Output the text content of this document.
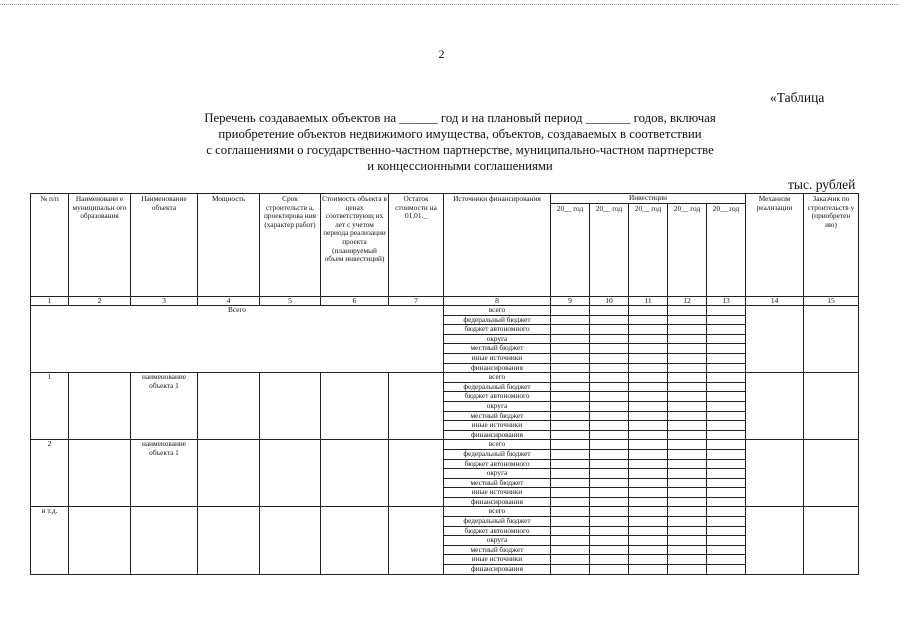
2
«Таблица
Перечень создаваемых объектов на ______ год и на плановый период _______ годов, включая
приобретение объектов недвижимого имущества, объектов, создаваемых в соответствии
с соглашениями о государственно-частном партнерстве, муниципально-частном партнерстве
и концессионными соглашениями
тыс. рублей
№ п/п	Наименовани е муниципальн ого образования	Наименование объекта	Мощность	Срок строительств а, проектирова ния (характер работ)	Стоимость объекта в ценах соответствующ их лет с учетом периода реализации проекта (планируемый объем инвестиций)	Остаток стоимости на 01.01._	Источники финансирования	Инвестиции					Механизм реализации	Заказчик по строительств у (приобретен ию)
								20__ год	20__ год	20__ год	20__ год	20__ год		
1	2	3	4	5	6	7	8	9	10	11	12	13	14	15
Всего							всего							
							федеральный бюджет							
							бюджет автономного							
							округа							
							местный бюджет							
							иные источники							
							финансирования							
1		наименование объекта 1					всего							
							федеральный бюджет							
							бюджет автономного							
							округа							
							местный бюджет							
							иные источники							
							финансирования							
2		наименование объекта 1					всего							
							федеральный бюджет							
							бюджет автономного							
							округа							
							местный бюджет							
							иные источники							
							финансирования							
и т.д.							всего							
							федеральный бюджет							
							бюджет автономного							
							округа							
							местный бюджет							
							иные источники							
							финансирования							
